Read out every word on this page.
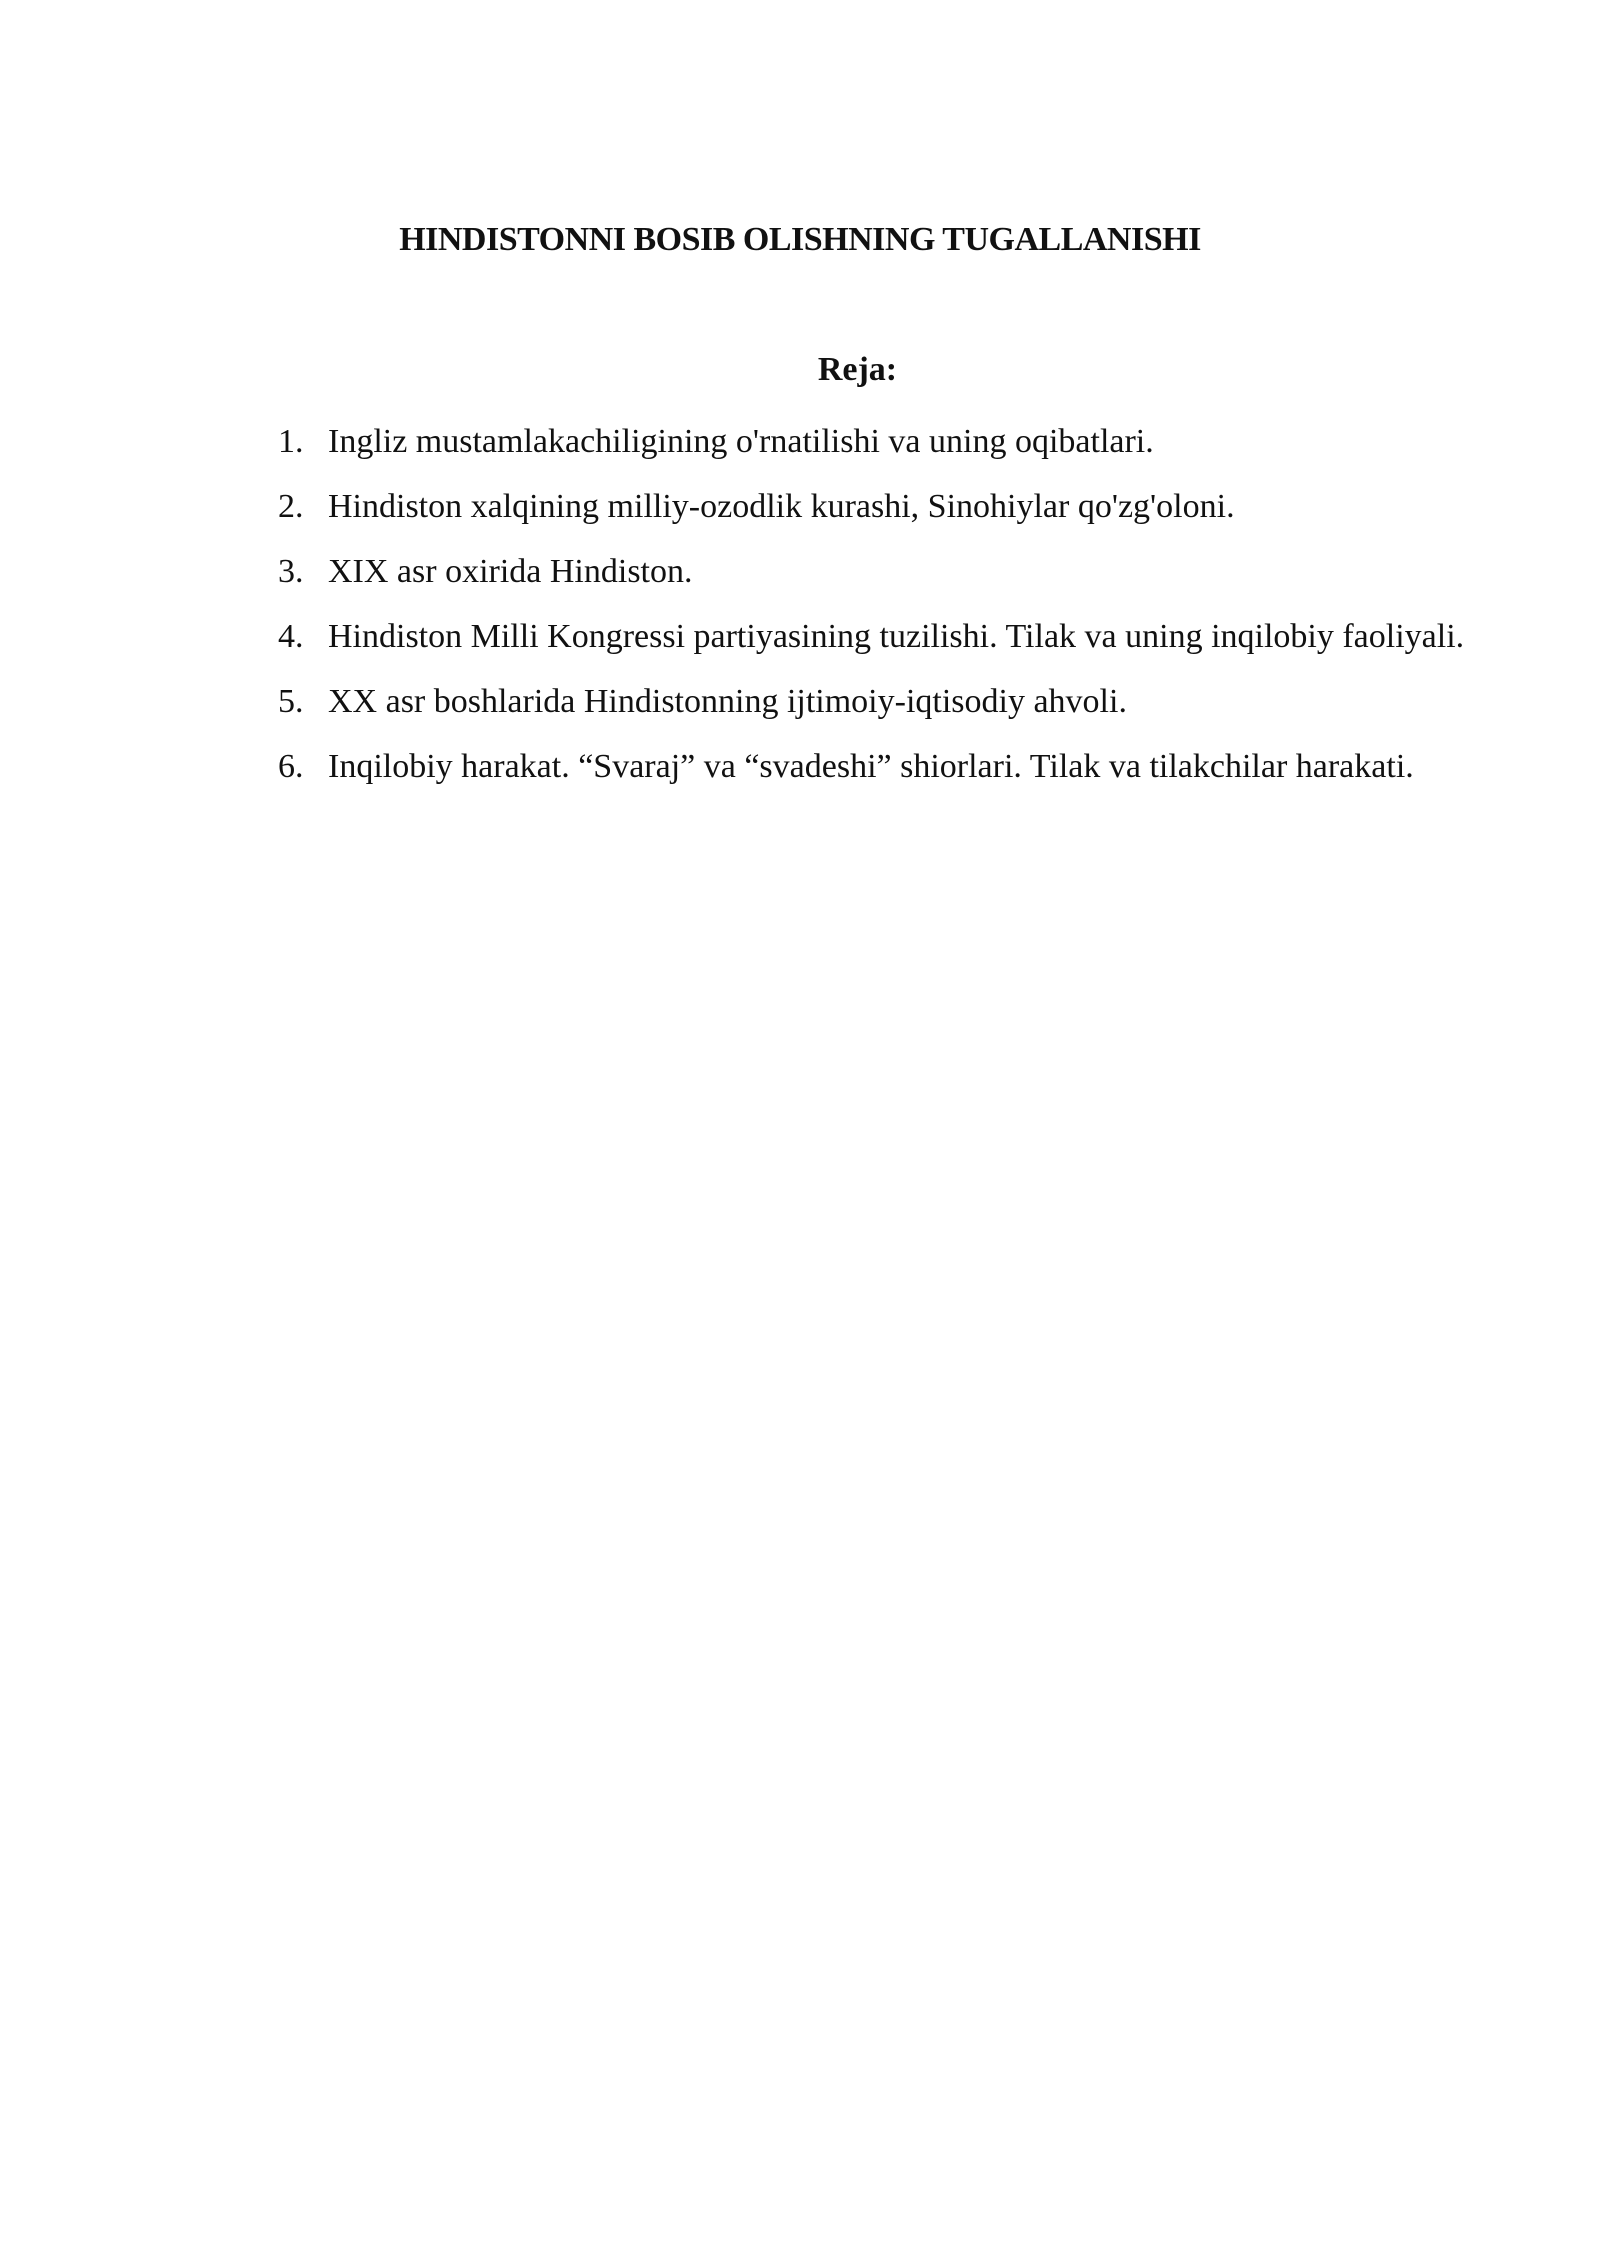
HINDISTONNI BOSIB OLISHNING TUGALLANISHI
Reja:
1. Ingliz mustamlakachiligining o'rnatilishi va uning oqibatlari.
2. Hindiston xalqining milliy-ozodlik kurashi, Sinohiylar qo'zg'oloni.
3. XIX asr oxirida Hindiston.
4. Hindiston Milli Kongressi partiyasining tuzilishi. Tilak va uning inqilobiy faoliyali.
5. XX asr boshlarida Hindistonning ijtimoiy-iqtisodiy ahvoli.
6. Inqilobiy harakat. “Svaraj” va “svadeshi” shiorlari. Tilak va tilakchilar harakati.
